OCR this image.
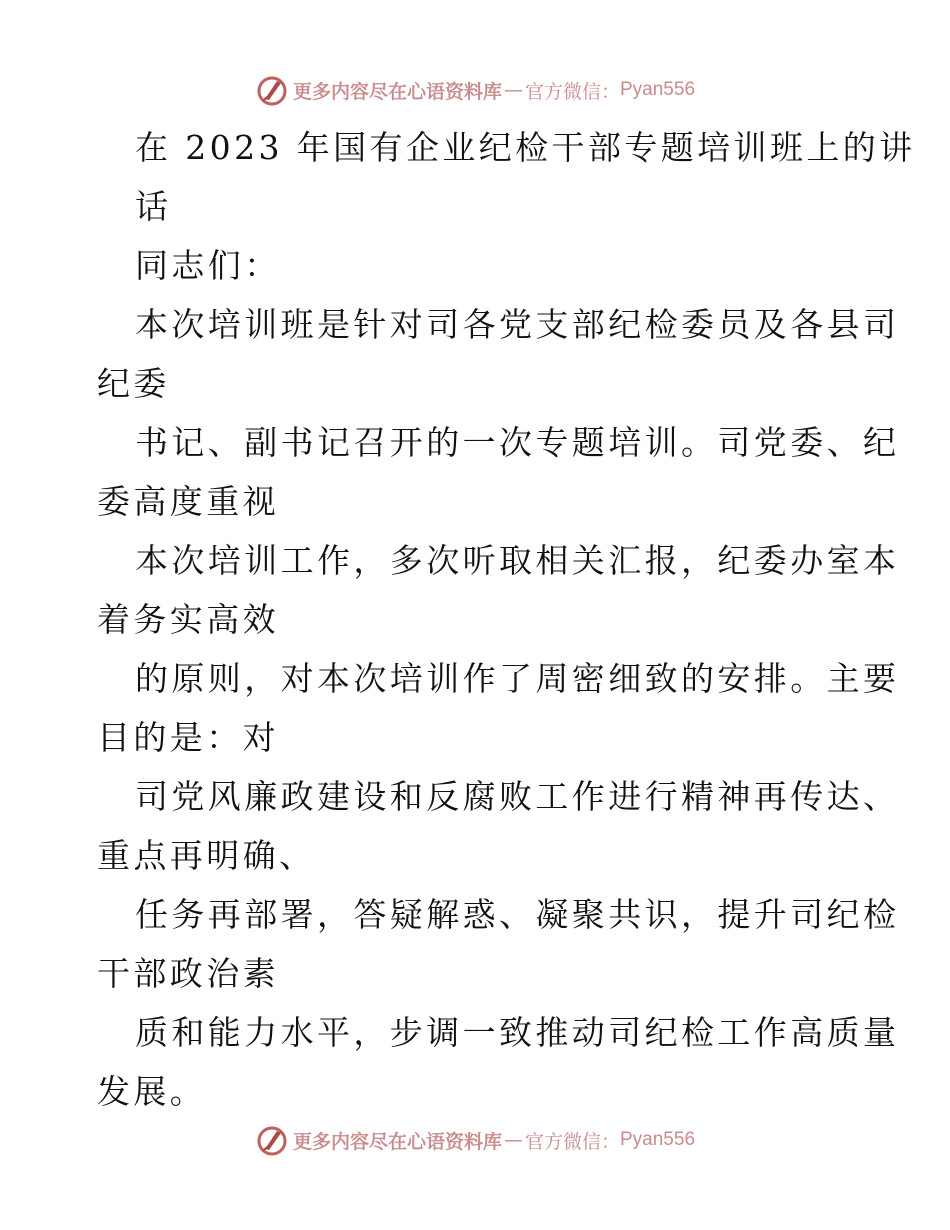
更多内容尽在心语资料库 — 官方微信： Pyan556
在 2023 年国有企业纪检干部专题培训班上的讲
话
同志们：
本次培训班是针对司各党支部纪检委员及各县司
纪委
书记、副书记召开的一次专题培训。司党委、纪
委高度重视
本次培训工作，多次听取相关汇报，纪委办室本
着务实高效
的原则，对本次培训作了周密细致的安排。主要
目的是：对
司党风廉政建设和反腐败工作进行精神再传达、
重点再明确、
任务再部署，答疑解惑、凝聚共识，提升司纪检
干部政治素
质和能力水平，步调一致推动司纪检工作高质量
发展。
更多内容尽在心语资料库 — 官方微信： Pyan556
